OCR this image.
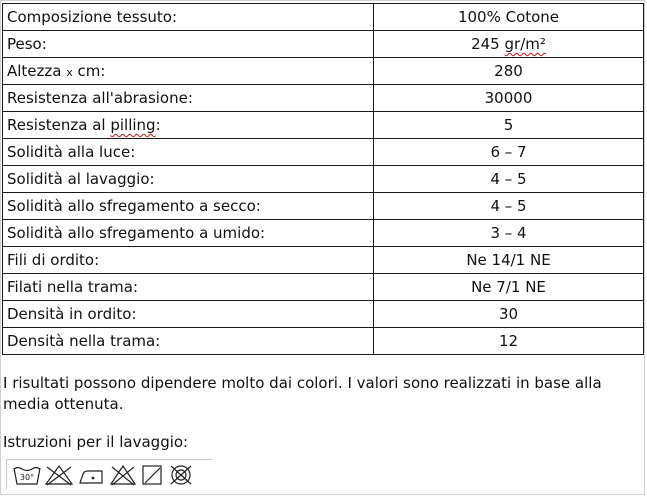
Composizione tessuto:	100% Cotone
Peso:	245 gr/m²
Altezza x cm:	280
Resistenza all'abrasione:	30000
Resistenza al pilling:	5
Solidità alla luce:	6 – 7
Solidità al lavaggio:	4 – 5
Solidità allo sfregamento a secco:	4 – 5
Solidità allo sfregamento a umido:	3 – 4
Fili di ordito:	Ne 14/1 NE
Filati nella trama:	Ne 7/1 NE
Densità in ordito:	30
Densità nella trama:	12
I risultati possono dipendere molto dai colori. I valori sono realizzati in base alla media ottenuta.
Istruzioni per il lavaggio:
30°
